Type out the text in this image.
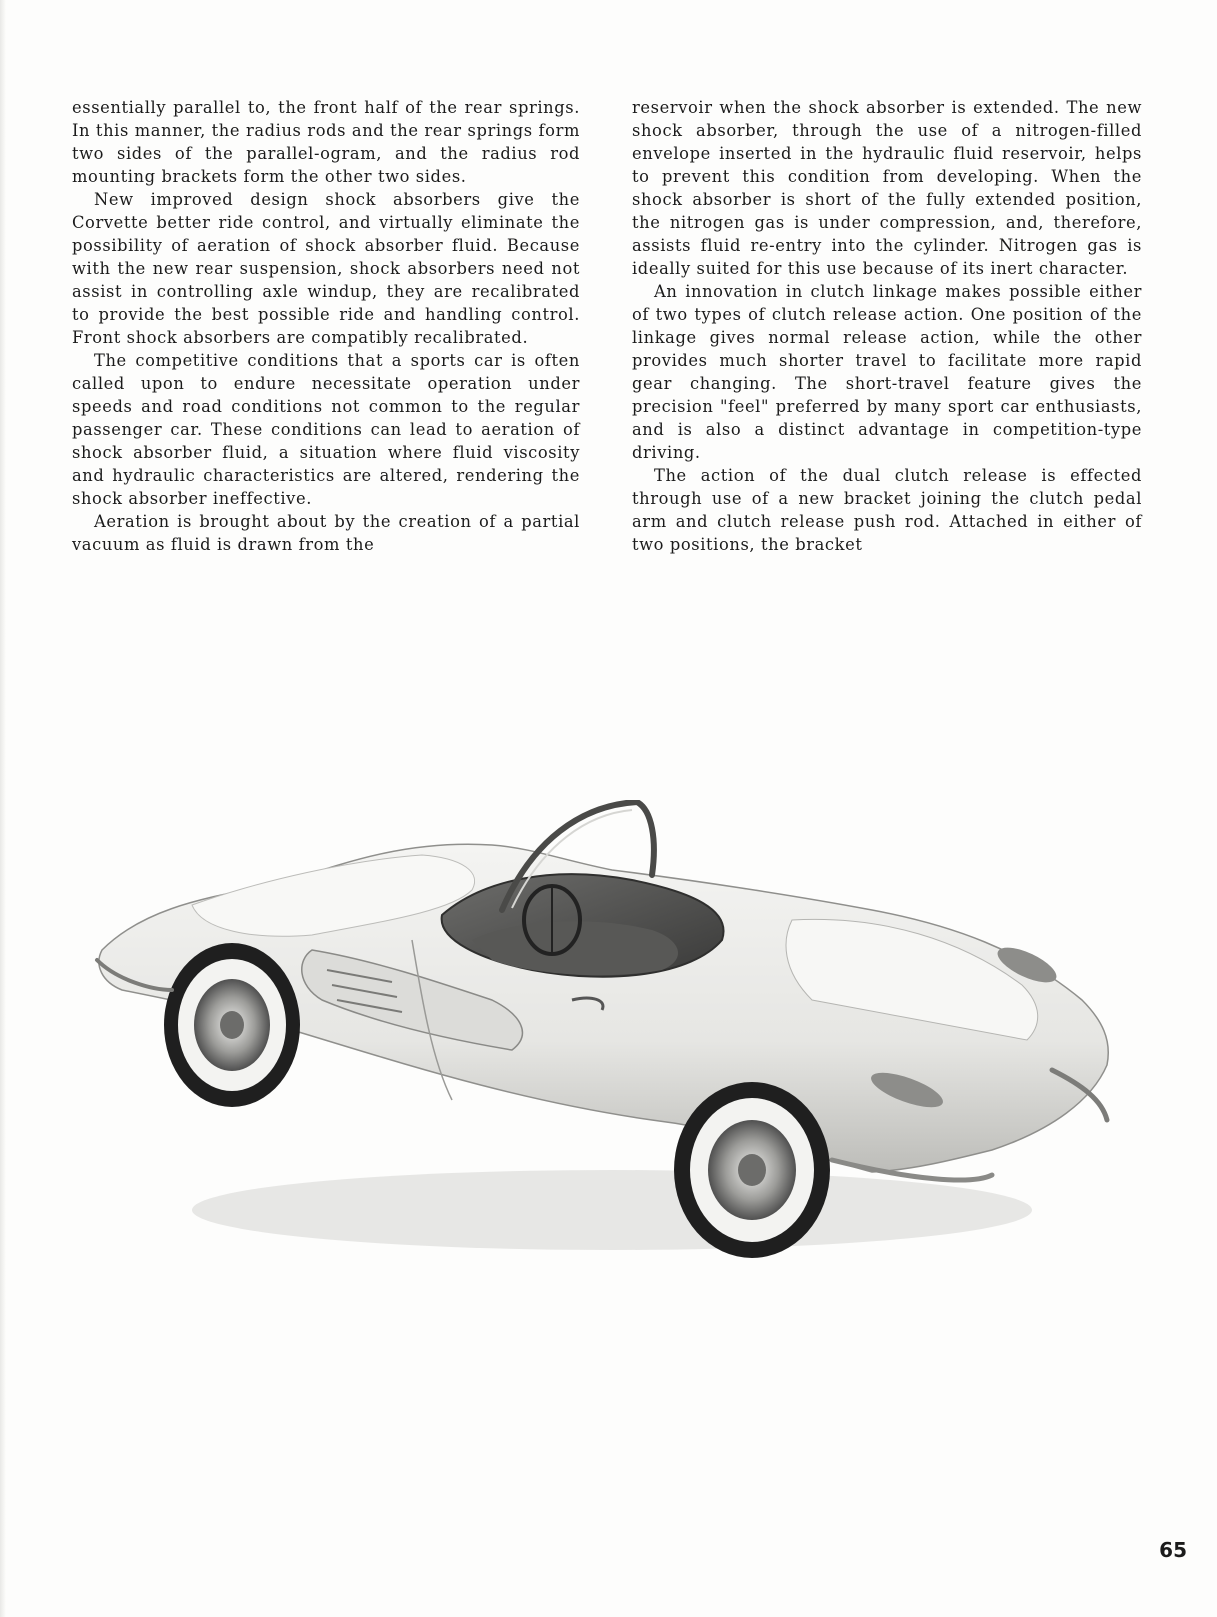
essentially parallel to, the front half of the rear springs. In this manner, the radius rods and the rear springs form two sides of the parallel-ogram, and the radius rod mounting brackets form the other two sides.

New improved design shock absorbers give the Corvette better ride control, and virtually eliminate the possibility of aeration of shock absorber fluid. Because with the new rear suspension, shock absorbers need not assist in controlling axle windup, they are recalibrated to provide the best possible ride and handling control. Front shock absorbers are compatibly recalibrated.

The competitive conditions that a sports car is often called upon to endure necessitate operation under speeds and road conditions not common to the regular passenger car. These conditions can lead to aeration of shock absorber fluid, a situation where fluid viscosity and hydraulic characteristics are altered, rendering the shock absorber ineffective.

Aeration is brought about by the creation of a partial vacuum as fluid is drawn from the

reservoir when the shock absorber is extended. The new shock absorber, through the use of a nitrogen-filled envelope inserted in the hydraulic fluid reservoir, helps to prevent this condition from developing. When the shock absorber is short of the fully extended position, the nitrogen gas is under compression, and, therefore, assists fluid re-entry into the cylinder. Nitrogen gas is ideally suited for this use because of its inert character.

An innovation in clutch linkage makes possible either of two types of clutch release action. One position of the linkage gives normal release action, while the other provides much shorter travel to facilitate more rapid gear changing. The short-travel feature gives the precision "feel" preferred by many sport car enthusiasts, and is also a distinct advantage in competition-type driving.

The action of the dual clutch release is effected through use of a new bracket joining the clutch pedal arm and clutch release push rod. Attached in either of two positions, the bracket

65
